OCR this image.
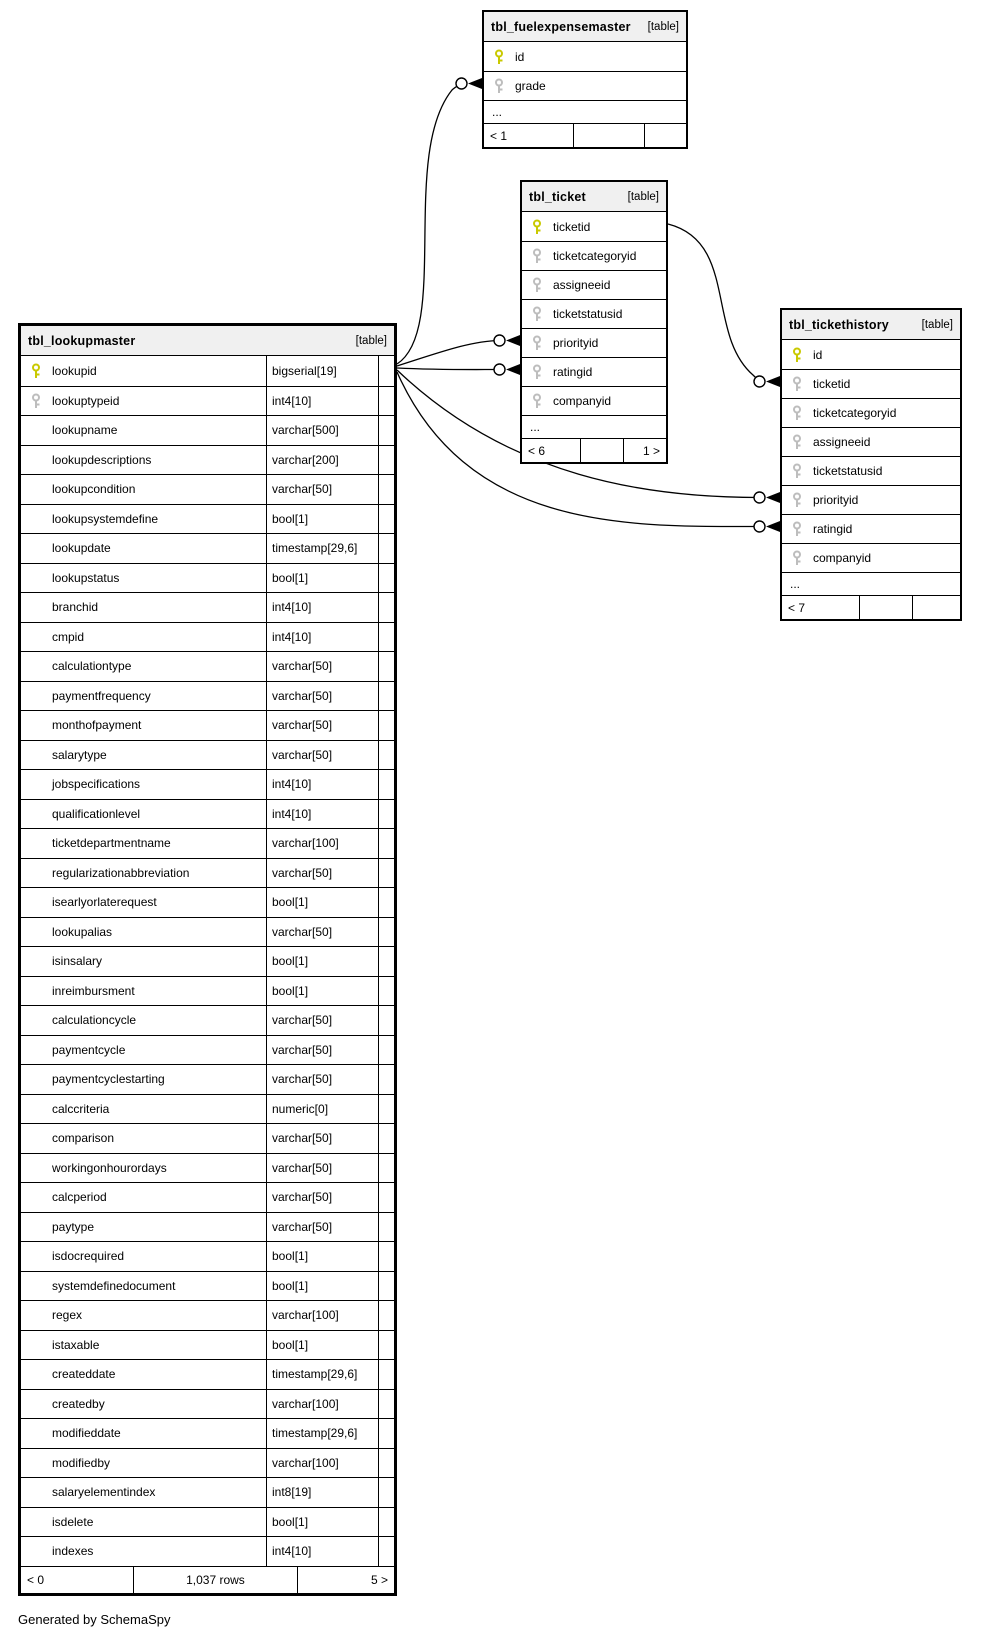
tbl_fuelexpensemaster [table]
id
grade
...
< 1
tbl_ticket	[table]
ticketid
ticketcategoryid
assigneeid
ticketstatusid
priorityid
ratingid
companyid
...
< 6	1 >
tbl_tickethistory	[table]
id
ticketid
ticketcategoryid
assigneeid
ticketstatusid
priorityid
ratingid
companyid
...
< 7
tbl_lookupmaster	[table]
lookupid	bigserial[19]
lookuptypeid	int4[10]
lookupname	varchar[500]
lookupdescriptions	varchar[200]
lookupcondition	varchar[50]
lookupsystemdefine	bool[1]
lookupdate	timestamp[29,6]
lookupstatus	bool[1]
branchid	int4[10]
cmpid	int4[10]
calculationtype	varchar[50]
paymentfrequency	varchar[50]
monthofpayment	varchar[50]
salarytype	varchar[50]
jobspecifications	int4[10]
qualificationlevel	int4[10]
ticketdepartmentname	varchar[100]
regularizationabbreviation	varchar[50]
isearlyorlaterequest	bool[1]
lookupalias	varchar[50]
isinsalary	bool[1]
inreimbursment	bool[1]
calculationcycle	varchar[50]
paymentcycle	varchar[50]
paymentcyclestarting	varchar[50]
calccriteria	numeric[0]
comparison	varchar[50]
workingonhourordays	varchar[50]
calcperiod	varchar[50]
paytype	varchar[50]
isdocrequired	bool[1]
systemdefinedocument	bool[1]
regex	varchar[100]
istaxable	bool[1]
createddate	timestamp[29,6]
createdby	varchar[100]
modifieddate	timestamp[29,6]
modifiedby	varchar[100]
salaryelementindex	int8[19]
isdelete	bool[1]
indexes	int4[10]
< 0	1,037 rows	5 >
Generated by SchemaSpy
